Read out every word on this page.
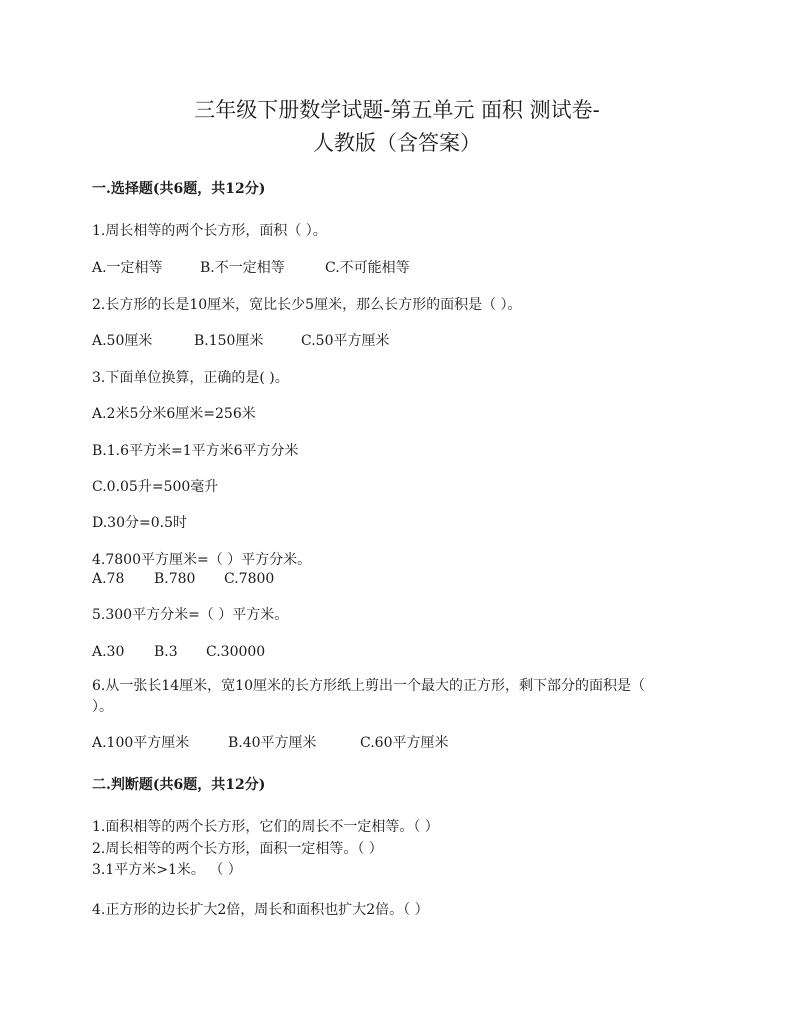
三年级下册数学试题-第五单元 面积 测试卷-
人教版（含答案）
一.选择题(共6题，共12分)
1.周长相等的两个长方形，面积（ ）。
A.一定相等	B.不一定相等	C.不可能相等
2.长方形的长是10厘米，宽比长少5厘米，那么长方形的面积是（ ）。
A.50厘米	B.150厘米	C.50平方厘米
3.下面单位换算，正确的是( )。
A.2米5分米6厘米=256米
B.1.6平方米=1平方米6平方分米
C.0.05升=500毫升
D.30分=0.5时
4.7800平方厘米=（ ）平方分米。
A.78 B.780 C.7800
5.300平方分米=（ ）平方米。
A.30 B.3 C.30000
6.从一张长14厘米，宽10厘米的长方形纸上剪出一个最大的正方形，剩下部分的面积是（
）。
A.100平方厘米	B.40平方厘米	C.60平方厘米
二.判断题(共6题，共12分)
1.面积相等的两个长方形，它们的周长不一定相等。（ ）
2.周长相等的两个长方形，面积一定相等。（ ）
3.1平方米>1米。 （ ）
4.正方形的边长扩大2倍，周长和面积也扩大2倍。（ ）
